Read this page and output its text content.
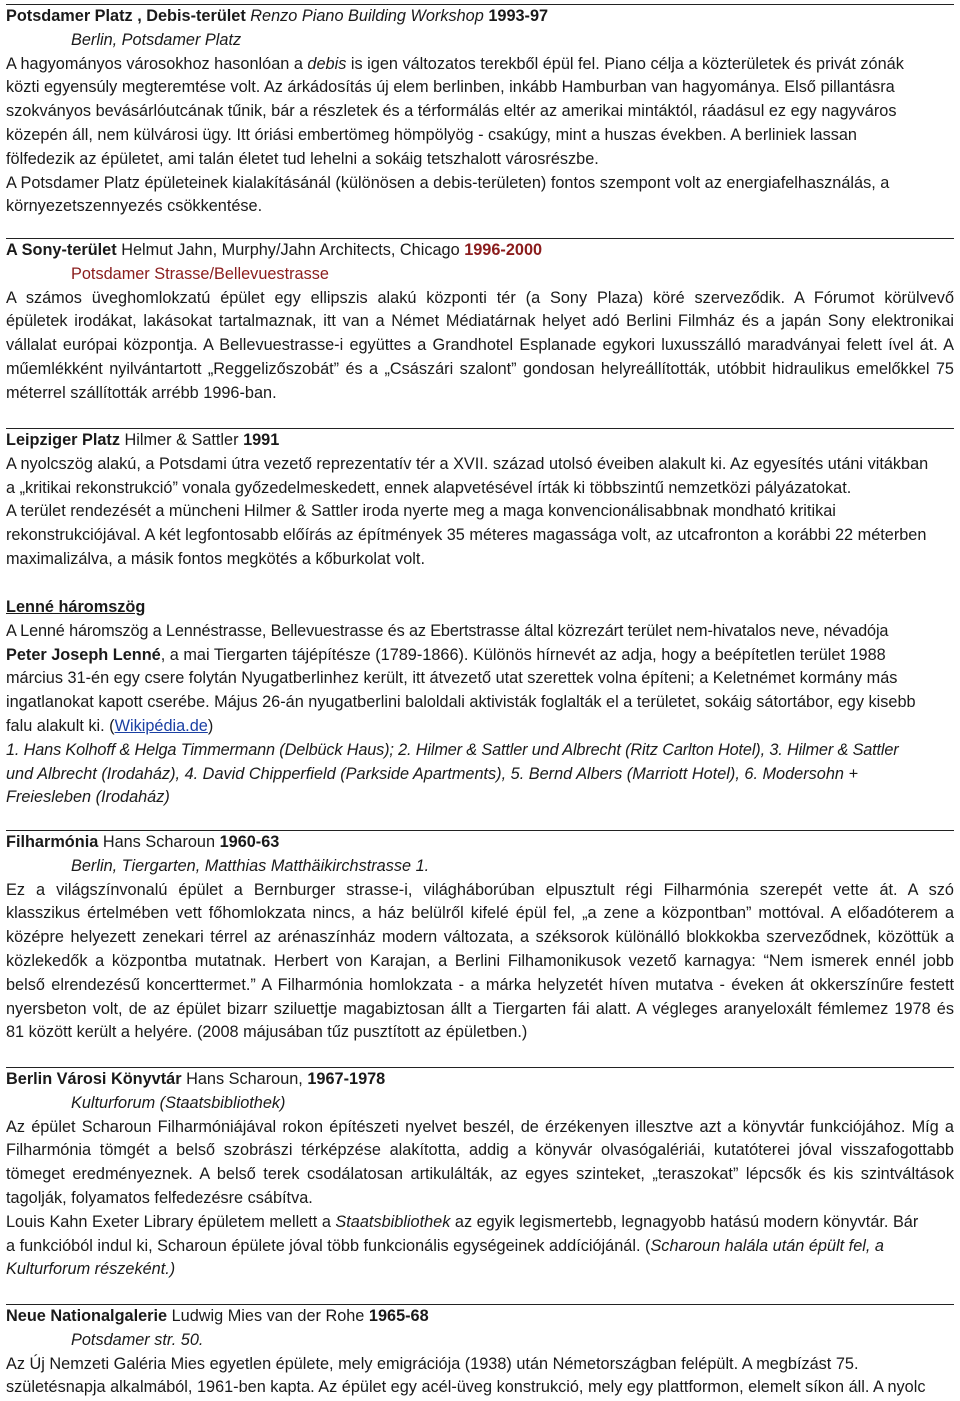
Potsdamer Platz , Debis-terület Renzo Piano Building Workshop 1993-97
Berlin, Potsdamer Platz
A hagyományos városokhoz hasonlóan a debis is igen változatos terekből épül fel. Piano célja a közterületek és privát zónák
közti egyensúly megteremtése volt. Az árkádosítás új elem berlinben, inkább Hamburban van hagyománya. Első pillantásra
szokványos bevásárlóutcának tűnik, bár a részletek és a térformálás eltér az amerikai mintáktól, ráadásul ez egy nagyváros
közepén áll, nem külvárosi ügy. Itt óriási embertömeg hömpölyög - csakúgy, mint a huszas években. A berliniek lassan
fölfedezik az épületet, ami talán életet tud lehelni a sokáig tetszhalott városrészbe.
A Potsdamer Platz épületeinek kialakításánál (különösen a debis-területen) fontos szempont volt az energiafelhasználás, a
környezetszennyezés csökkentése.
A Sony-terület Helmut Jahn, Murphy/Jahn Architects, Chicago 1996-2000
Potsdamer Strasse/Bellevuestrasse
A számos üveghomlokzatú épület egy ellipszis alakú központi tér (a Sony Plaza) köré szerveződik. A Fórumot körülvevő
épületek irodákat, lakásokat tartalmaznak, itt van a Német Médiatárnak helyet adó Berlini Filmház és a japán Sony elektronikai
vállalat európai központja. A Bellevuestrasse-i együttes a Grandhotel Esplanade egykori luxusszálló maradványai felett ível át. A
műemlékként nyilvántartott „Reggelizőszobát” és a „Császári szalont” gondosan helyreállították, utóbbit hidraulikus emelőkkel 75
méterrel szállították arrébb 1996-ban.
Leipziger Platz Hilmer & Sattler 1991
A nyolcszög alakú, a Potsdami útra vezető reprezentatív tér a XVII. század utolsó éveiben alakult ki. Az egyesítés utáni vitákban
a „kritikai rekonstrukció” vonala győzedelmeskedett, ennek alapvetésével írták ki többszintű nemzetközi pályázatokat.
A terület rendezését a müncheni Hilmer & Sattler iroda nyerte meg a maga konvencionálisabbnak mondható kritikai
rekonstrukciójával. A két legfontosabb előírás az építmények 35 méteres magassága volt, az utcafronton a korábbi 22 méterben
maximalizálva, a másik fontos megkötés a kőburkolat volt.
Lenné háromszög
A Lenné háromszög a Lennéstrasse, Bellevuestrasse és az Ebertstrasse által közrezárt terület nem-hivatalos neve, névadója
Peter Joseph Lenné, a mai Tiergarten tájépítésze (1789-1866). Különös hírnevét az adja, hogy a beépítetlen terület 1988
március 31-én egy csere folytán Nyugatberlinhez került, itt átvezető utat szerettek volna építeni; a Keletnémet kormány más
ingatlanokat kapott cserébe. Május 26-án nyugatberlini baloldali aktivisták foglalták el a területet, sokáig sátortábor, egy kisebb
falu alakult ki. (Wikipédia.de)
1. Hans Kolhoff & Helga Timmermann (Delbück Haus); 2. Hilmer & Sattler und Albrecht (Ritz Carlton Hotel), 3. Hilmer & Sattler
und Albrecht (Irodaház), 4. David Chipperfield (Parkside Apartments), 5. Bernd Albers (Marriott Hotel), 6. Modersohn +
Freiesleben (Irodaház)
Filharmónia Hans Scharoun 1960-63
Berlin, Tiergarten, Matthias Matthäikirchstrasse 1.
Ez a világszínvonalú épület a Bernburger strasse-i, világháborúban elpusztult régi Filharmónia szerepét vette át. A szó
klasszikus értelmében vett főhomlokzata nincs, a ház belülről kifelé épül fel, „a zene a központban” mottóval. A előadóterem a
középre helyezett zenekari térrel az arénaszínház modern változata, a széksorok különálló blokkokba szerveződnek, közöttük a
közlekedők a központba mutatnak. Herbert von Karajan, a Berlini Filhamonikusok vezető karnagya: “Nem ismerek ennél jobb
belső elrendezésű koncerttermet.” A Filharmónia homlokzata - a márka helyzetét híven mutatva - éveken át okkerszínűre festett
nyersbeton volt, de az épület bizarr sziluettje magabiztosan állt a Tiergarten fái alatt. A végleges aranyeloxált fémlemez 1978 és
81 között került a helyére. (2008 májusában tűz pusztított az épületben.)
Berlin Városi Könyvtár Hans Scharoun, 1967-1978
Kulturforum (Staatsbibliothek)
Az épület Scharoun Filharmóniájával rokon építészeti nyelvet beszél, de érzékenyen illesztve azt a könyvtár funkciójához. Míg a
Filharmónia tömgét a belső szobrászi térképzése alakította, addig a könyvár olvasógalériái, kutatóterei jóval visszafogottabb
tömeget eredményeznek. A belső terek csodálatosan artikulálták, az egyes szinteket, „teraszokat” lépcsők és kis szintváltások
tagolják, folyamatos felfedezésre csábítva.
Louis Kahn Exeter Library épületem mellett a Staatsbibliothek az egyik legismertebb, legnagyobb hatású modern könyvtár. Bár
a funkcióból indul ki, Scharoun épülete jóval több funkcionális egységeinek addíciójánál. (Scharoun halála után épült fel, a
Kulturforum részeként.)
Neue Nationalgalerie Ludwig Mies van der Rohe 1965-68
Potsdamer str. 50.
Az Új Nemzeti Galéria Mies egyetlen épülete, mely emigrációja (1938) után Németországban felépült. A megbízást 75.
születésnapja alkalmából, 1961-ben kapta. Az épület egy acél-üveg konstrukció, mely egy plattformon, elemelt síkon áll. A nyolc
